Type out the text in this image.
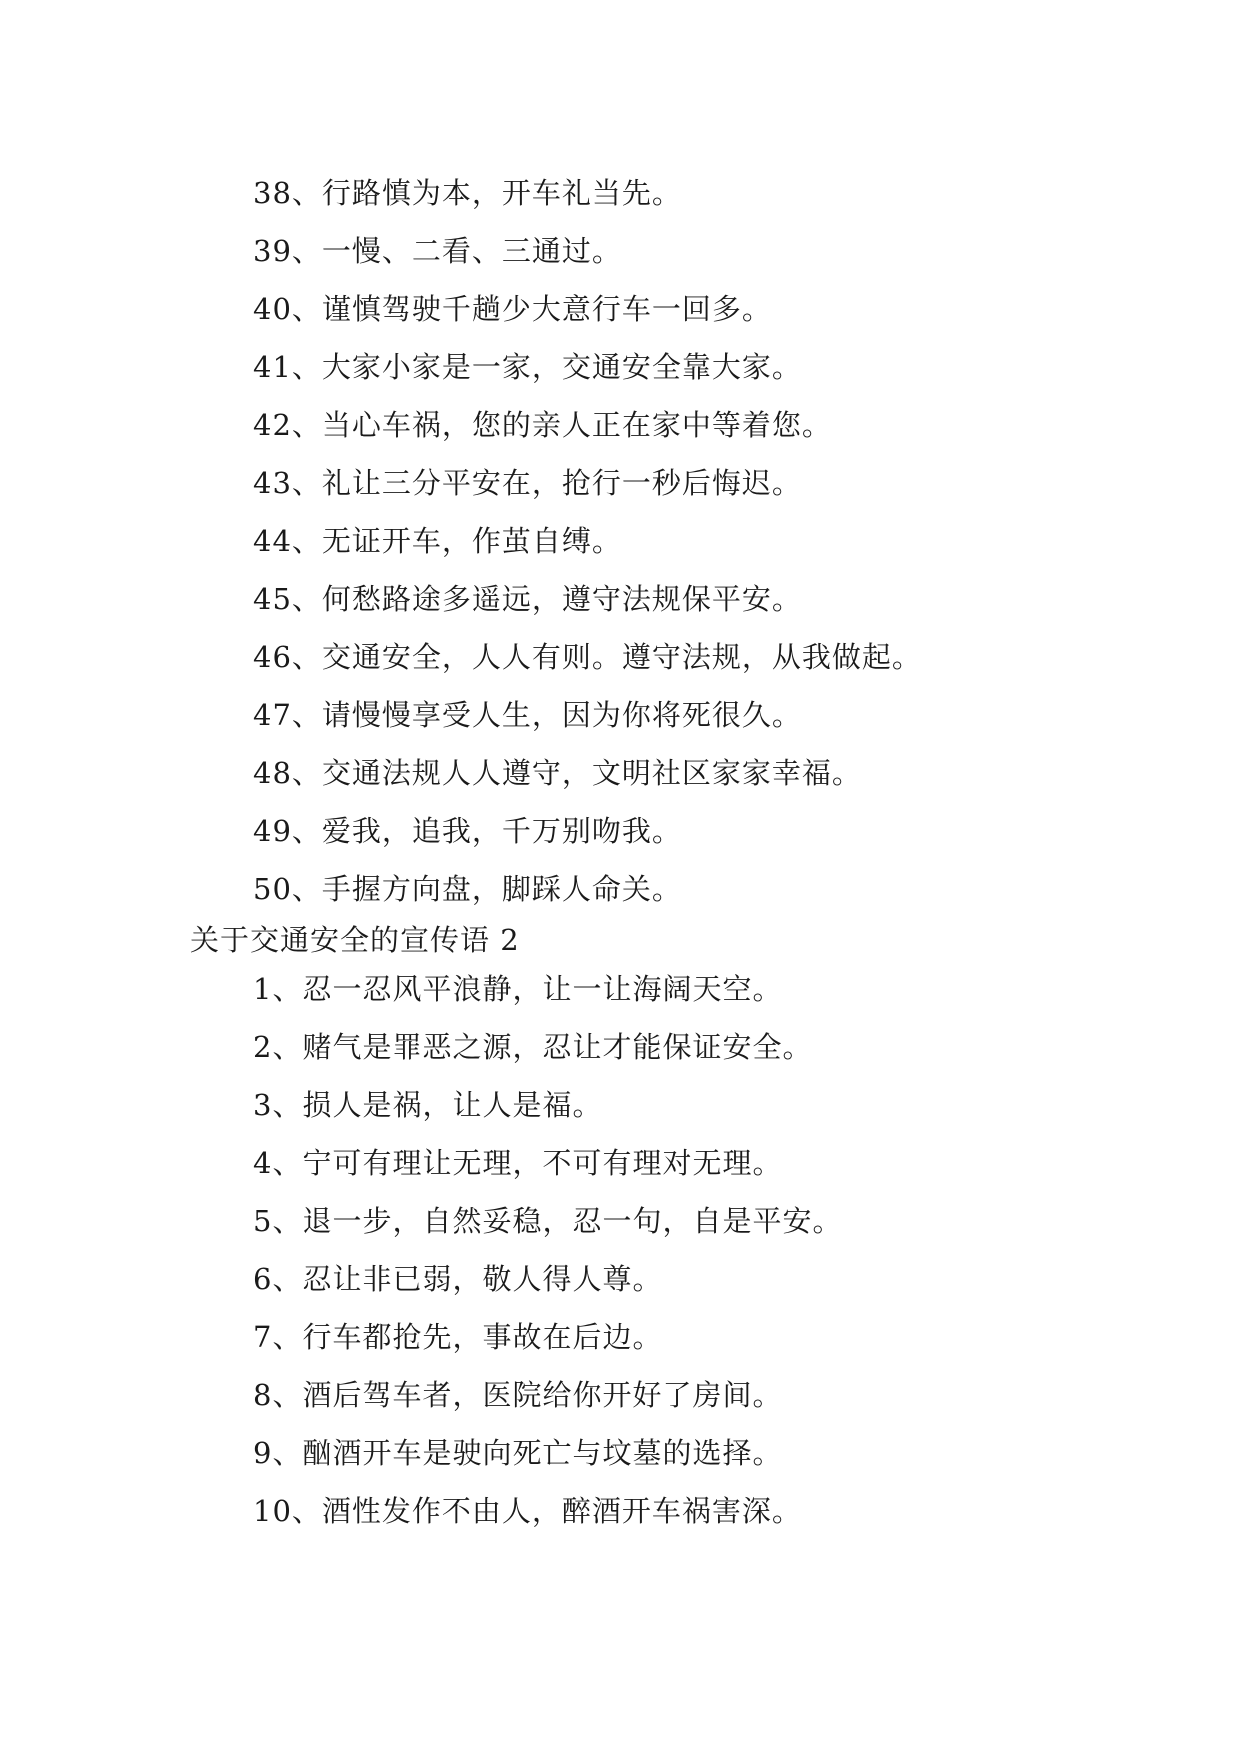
38、行路慎为本，开车礼当先。
39、一慢、二看、三通过。
40、谨慎驾驶千趟少大意行车一回多。
41、大家小家是一家，交通安全靠大家。
42、当心车祸，您的亲人正在家中等着您。
43、礼让三分平安在，抢行一秒后悔迟。
44、无证开车，作茧自缚。
45、何愁路途多遥远，遵守法规保平安。
46、交通安全，人人有则。遵守法规，从我做起。
47、请慢慢享受人生，因为你将死很久。
48、交通法规人人遵守，文明社区家家幸福。
49、爱我，追我，千万别吻我。
50、手握方向盘，脚踩人命关。
关于交通安全的宣传语 2
1、忍一忍风平浪静，让一让海阔天空。
2、赌气是罪恶之源，忍让才能保证安全。
3、损人是祸，让人是福。
4、宁可有理让无理，不可有理对无理。
5、退一步，自然妥稳，忍一句，自是平安。
6、忍让非已弱，敬人得人尊。
7、行车都抢先，事故在后边。
8、酒后驾车者，医院给你开好了房间。
9、酗酒开车是驶向死亡与坟墓的选择。
10、酒性发作不由人，醉酒开车祸害深。
